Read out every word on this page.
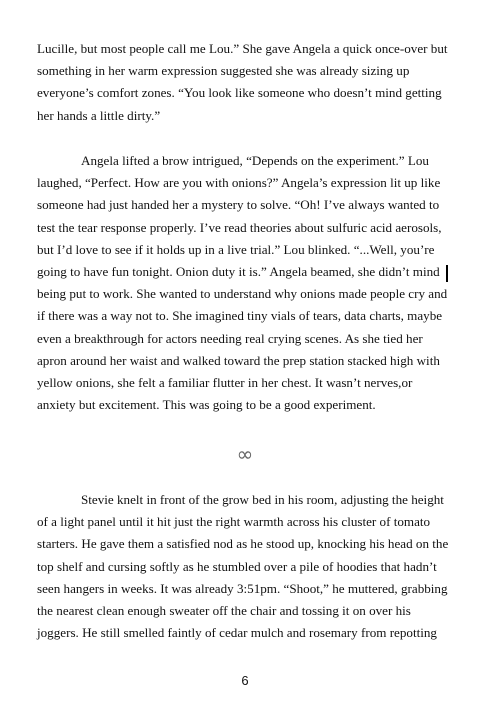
Lucille, but most people call me Lou.” She gave Angela a quick once-over but
something in her warm expression suggested she was already sizing up
everyone’s comfort zones. “You look like someone who doesn’t mind getting
her hands a little dirty.”
Angela lifted a brow intrigued, “Depends on the experiment.” Lou
laughed, “Perfect. How are you with onions?” Angela’s expression lit up like
someone had just handed her a mystery to solve. “Oh! I’ve always wanted to
test the tear response properly. I’ve read theories about sulfuric acid aerosols,
but I’d love to see if it holds up in a live trial.” Lou blinked. “...Well, you’re
going to have fun tonight. Onion duty it is.” Angela beamed, she didn’t mind
being put to work. She wanted to understand why onions made people cry and
if there was a way not to. She imagined tiny vials of tears, data charts, maybe
even a breakthrough for actors needing real crying scenes. As she tied her
apron around her waist and walked toward the prep station stacked high with
yellow onions, she felt a familiar flutter in her chest. It wasn’t nerves,or
anxiety but excitement. This was going to be a good experiment.
∞
Stevie knelt in front of the grow bed in his room, adjusting the height
of a light panel until it hit just the right warmth across his cluster of tomato
starters. He gave them a satisfied nod as he stood up, knocking his head on the
top shelf and cursing softly as he stumbled over a pile of hoodies that hadn’t
seen hangers in weeks. It was already 3:51pm. “Shoot,” he muttered, grabbing
the nearest clean enough sweater off the chair and tossing it on over his
joggers. He still smelled faintly of cedar mulch and rosemary from repotting
6
